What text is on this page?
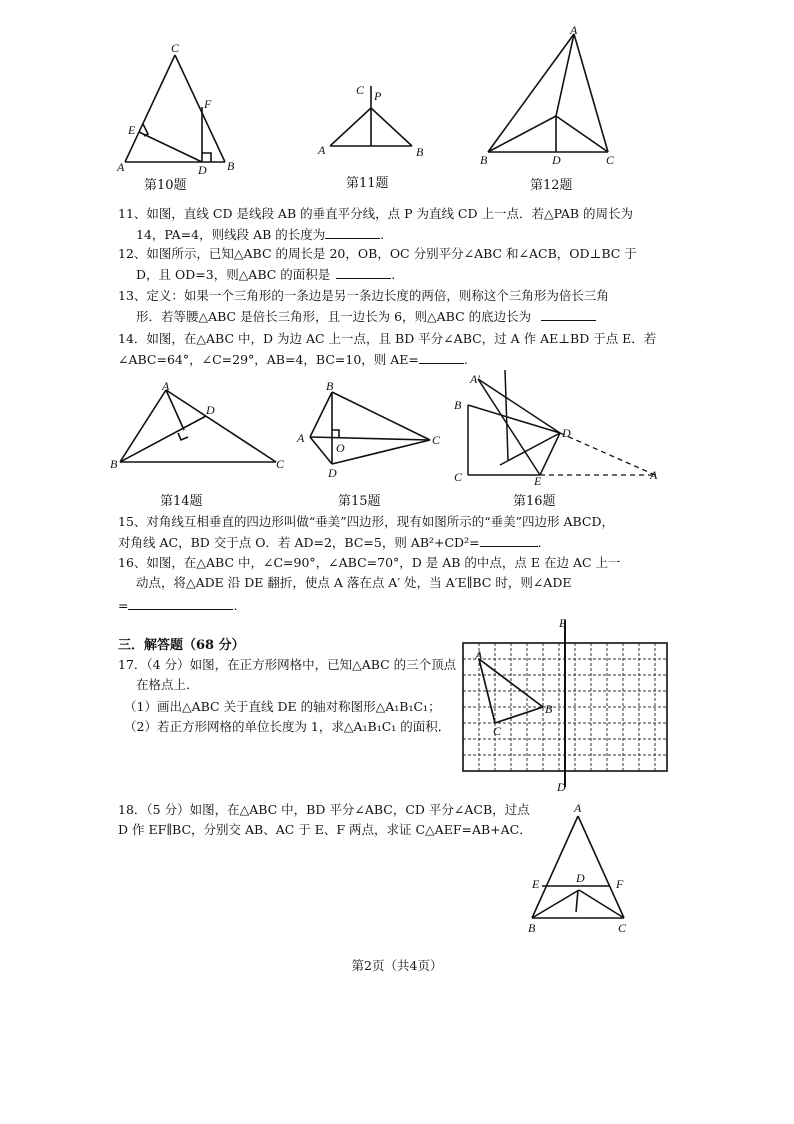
C
F
E
A	D B
第10题
C P
A	B
第11题
A
B	D	C
第12题
11、如图，直线 CD 是线段 AB 的垂直平分线，点 P 为直线 CD 上一点．若△PAB 的周长为
14，PA=4，则线段 AB 的长度为	.
12、如图所示，已知△ABC 的周长是 20，OB，OC 分别平分∠ABC 和∠ACB，OD⊥BC 于
D，且 OD=3，则△ABC 的面积是	.
13、定义：如果一个三角形的一条边是另一条边长度的两倍，则称这个三角形为倍长三角
形．若等腰△ABC 是倍长三角形，且一边长为 6，则△ABC 的底边长为
14．如图，在△ABC 中，D 为边 AC 上一点，且 BD 平分∠ABC，过 A 作 AE⊥BD 于点 E．若
∠ABC=64°，∠C=29°，AB=4，BC=10，则 AE=	.
A
D
B	C
第14题
B
A
O
C
D
第15题
A′
B
D
C	E	A
第16题
15、对角线互相垂直的四边形叫做“垂美”四边形，现有如图所示的“垂美”四边形 ABCD，
对角线 AC，BD 交于点 O．若 AD=2，BC=5，则 AB²+CD²=	.
16、如图，在△ABC 中，∠C=90°，∠ABC=70°，D 是 AB 的中点，点 E 在边 AC 上一
动点，将△ADE 沿 DE 翻折，使点 A 落在点 A′ 处，当 A′E∥BC 时，则∠ADE
=	.
三．解答题（68 分）
17．（4 分）如图，在正方形网格中，已知△ABC 的三个顶点
在格点上．
（1）画出△ABC 关于直线 DE 的轴对称图形△A₁B₁C₁；
（2）若正方形网格的单位长度为 1，求△A₁B₁C₁ 的面积．
E
A
B
C
D
18．（5 分）如图，在△ABC 中，BD 平分∠ABC，CD 平分∠ACB，过点
D 作 EF∥BC，分别交 AB、AC 于 E、F 两点，求证 C△AEF=AB+AC．
A
E	D	F
B	C
第2页（共4页）
